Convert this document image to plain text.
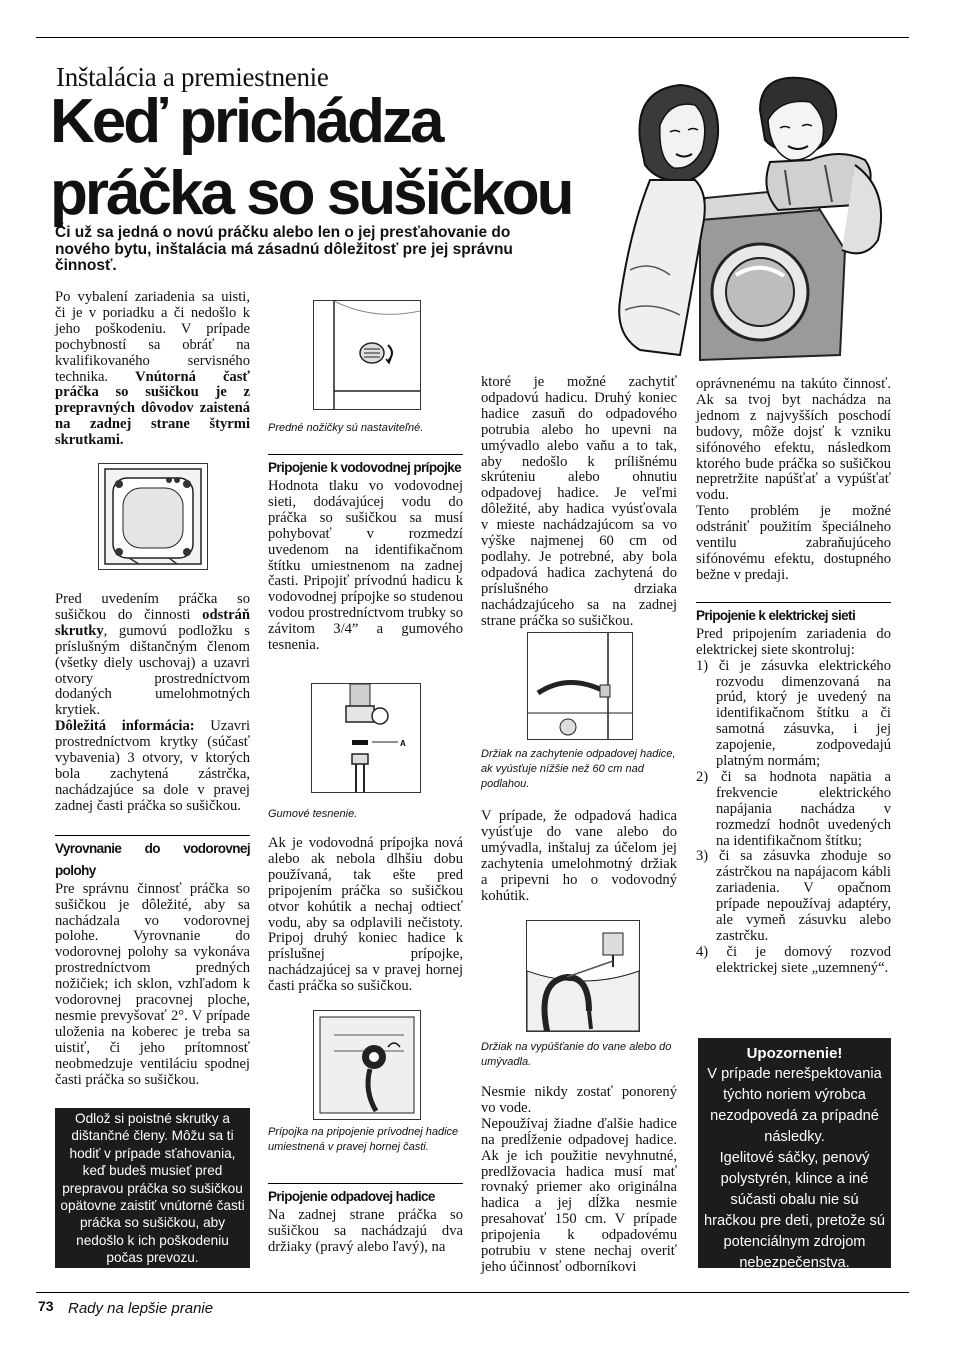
Inštalácia a premiestnenie
Keď prichádza
práčka so sušičkou
Či už sa jedná o novú práčku alebo len o jej presťahovanie do nového bytu, inštalácia má zásadnú dôležitosť pre jej správnu činnosť.

Po vybalení zariadenia sa uisti, či je v poriadku a či nedošlo k jeho poškodeniu. V prípade pochybností sa obráť na kvalifikovaného servisného technika. Vnútorná časť práčka so sušičkou je z prepravných dôvodov zaistená na zadnej strane štyrmi skrutkami.

Pred uvedením práčka so sušičkou do činnosti odstráň skrutky, gumovú podložku s príslušným dištančným členom (všetky diely uschovaj) a uzavri otvory prostredníctvom dodaných umelohmotných krytiek.

Dôležitá informácia: Uzavri prostredníctvom krytky (súčasť vybavenia) 3 otvory, v ktorých bola zachytená zástrčka, nachádzajúce sa dole v pravej zadnej časti práčka so sušičkou.

Vyrovnanie do vodorovnej polohy

Pre správnu činnosť práčka so sušičkou je dôležité, aby sa nachádzala vo vodorovnej polohe. Vyrovnanie do vodorovnej polohy sa vykonáva prostredníctvom predných nožičiek; ich sklon, vzhľadom k vodorovnej pracovnej ploche, nesmie prevyšovať 2°. V prípade uloženia na koberec je treba sa uistiť, či jeho prítomnosť neobmedzuje ventiláciu spodnej časti práčka so sušičkou.

Odlož si poistné skrutky a dištančné členy. Môžu sa ti hodiť v prípade sťahovania, keď budeš musieť pred prepravou práčka so sušičkou opätovne zaistiť vnútorné časti práčka so sušičkou, aby nedošlo k ich poškodeniu počas prevozu.
Predné nožičky sú nastaviteľné.
Pripojenie k vodovodnej prípojke

Hodnota tlaku vo vodovodnej sieti, dodávajúcej vodu do práčka so sušičkou sa musí pohybovať v rozmedzí uvedenom na identifikačnom štítku umiestnenom na zadnej časti. Pripojiť prívodnú hadicu k vodovodnej prípojke so studenou vodou prostredníctvom trubky so závitom 3/4” a gumového tesnenia.

A
Gumové tesnenie.

Ak je vodovodná prípojka nová alebo ak nebola dlhšiu dobu používaná, tak ešte pred pripojením práčka so sušičkou otvor kohútik a nechaj odtiecť vodu, aby sa odplavili nečistoty. Pripoj druhý koniec hadice k príslušnej prípojke, nachádzajúcej sa v pravej hornej časti práčka so sušičkou.

Prípojka na pripojenie prívodnej hadice umiestnená v pravej hornej časti.
Pripojenie odpadovej hadice

Na zadnej strane práčka so sušičkou sa nachádzajú dva držiaky (pravý alebo ľavý), na

ktoré je možné zachytiť odpadovú hadicu. Druhý koniec hadice zasuň do odpadového potrubia alebo ho upevni na umývadlo alebo vaňu a to tak, aby nedošlo k prílišnému skrúteniu alebo ohnutiu odpadovej hadice. Je veľmi dôležité, aby hadica vyúsťovala v mieste nachádzajúcom sa vo výške najmenej 60 cm od podlahy. Je potrebné, aby bola odpadová hadica zachytená do príslušného drziaka nachádzajúceho sa na zadnej strane práčka so sušičkou.

Držiak na zachytenie odpadovej hadice, ak vyúsťuje nížšie než 60 cm nad podlahou.

V prípade, že odpadová hadica vyúsťuje do vane alebo do umývadla, inštaluj za účelom jej zachytenia umelohmotný držiak a pripevni ho o vodovodný kohútik.

Držiak na vypúšťanie do vane alebo do umývadla.

Nesmie nikdy zostať ponorený vo vode.

Nepoužívaj žiadne ďalšie hadice na predĺženie odpadovej hadice. Ak je ich použitie nevyhnutné, predlžovacia hadica musí mať rovnaký priemer ako originálna hadica a jej dĺžka nesmie presahovať 150 cm. V prípade pripojenia k odpadovému potrubiu v stene nechaj overiť jeho účinnosť odborníkovi

oprávnenému na takúto činnosť. Ak sa tvoj byt nachádza na jednom z najvyšších poschodí budovy, môže dojsť k vzniku sifónového efektu, následkom ktorého bude práčka so sušičkou nepretržite napúšťať a vypúšťať vodu.

Tento problém je možné odstrániť použitím špeciálneho ventilu zabraňujúceho sifónovému efektu, dostupného bežne v predaji.

Pripojenie k elektrickej sieti

Pred pripojením zariadenia do elektrickej siete skontroluj:

1) či je zásuvka elektrického rozvodu dimenzovaná na prúd, ktorý je uvedený na identifikačnom štítku a či samotná zásuvka, i jej zapojenie, zodpovedajú platným normám;
2) či sa hodnota napätia a frekvencie elektrického napájania nachádza v rozmedzí hodnôt uvedených na identifikačnom štítku;
3) či sa zásuvka zhoduje so zástrčkou na napájacom kábli zariadenia. V opačnom prípade nepoužívaj adaptéry, ale vymeň zásuvku alebo zastrčku.
4) či je domový rozvod elektrickej siete „uzemnený“.
Upozornenie!
V prípade nerešpektovania týchto noriem výrobca nezodpovedá za prípadné následky.
Igelitové sáčky, penový polystyrén, klince a iné súčasti obalu nie sú hračkou pre deti, pretože sú potenciálnym zdrojom nebezpečenstva.
73 Rady na lepšie pranie
